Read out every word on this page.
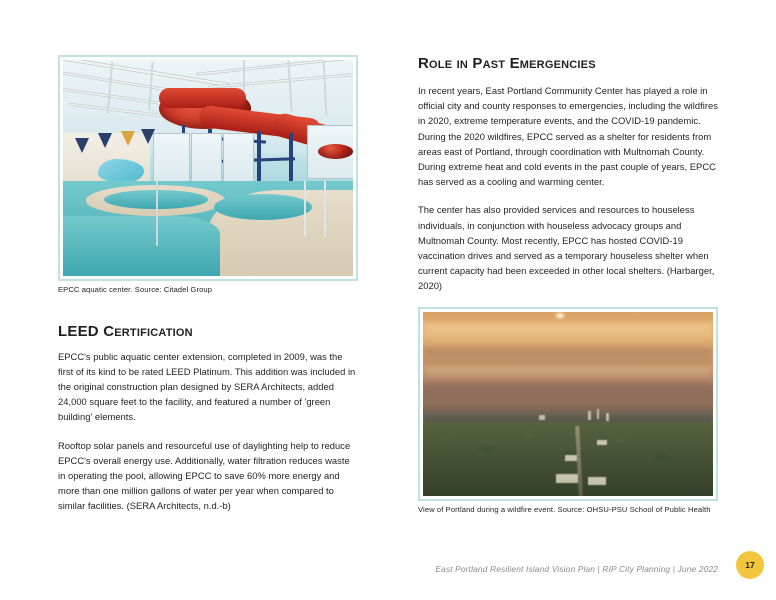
EPCC aquatic center. Source: Citadel Group
LEED Certification

EPCC's public aquatic center extension, completed in 2009, was the first of its kind to be rated LEED Platinum. This addition was included in the original construction plan designed by SERA Architects, added 24,000 square feet to the facility, and featured a number of 'green building' elements.

Rooftop solar panels and resourceful use of daylighting help to reduce EPCC's overall energy use. Additionally, water filtration reduces waste in operating the pool, allowing EPCC to save 60% more energy and more than one million gallons of water per year when compared to similar facilities. (SERA Architects, n.d.-b)

Role in Past Emergencies

In recent years, East Portland Community Center has played a role in official city and county responses to emergencies, including the wildfires in 2020, extreme temperature events, and the COVID-19 pandemic. During the 2020 wildfires, EPCC served as a shelter for residents from areas east of Portland, through coordination with Multnomah County. During extreme heat and cold events in the past couple of years, EPCC has served as a cooling and warming center.

The center has also provided services and resources to houseless individuals, in conjunction with houseless advocacy groups and Multnomah County. Most recently, EPCC has hosted COVID-19 vaccination drives and served as a temporary houseless shelter when current capacity had been exceeded in other local shelters. (Harbarger, 2020)

View of Portland during a wildfire event. Source: OHSU-PSU School of Public Health
East Portland Resilient Island Vision Plan | RIP City Planning | June 2022	17
